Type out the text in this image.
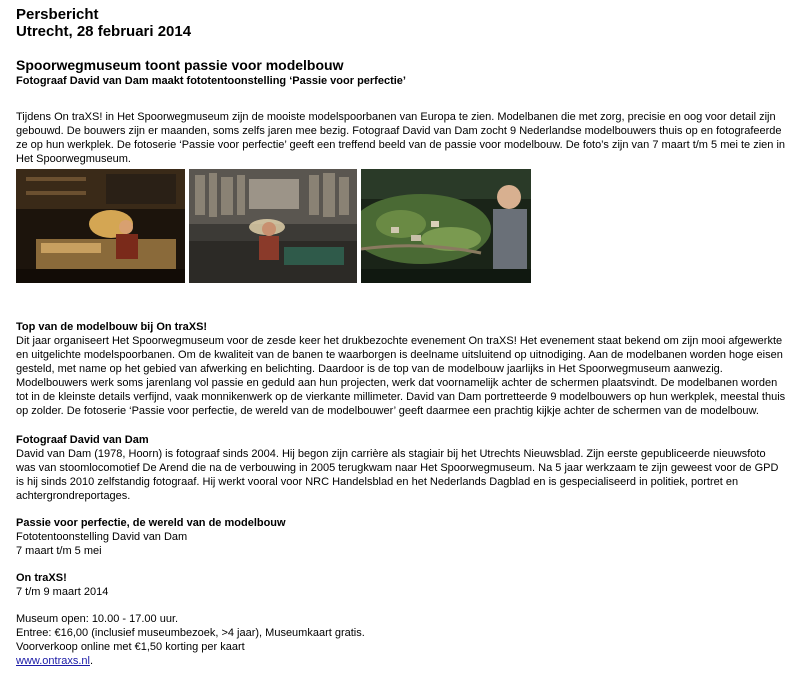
Persbericht
Utrecht, 28 februari 2014
Spoorwegmuseum toont passie voor modelbouw
Fotograaf David van Dam maakt fototentoonstelling ‘Passie voor perfectie’
Tijdens On traXS! in Het Spoorwegmuseum zijn de mooiste modelspoorbanen van Europa te zien. Modelbanen die met zorg, precisie en oog voor detail zijn gebouwd. De bouwers zijn er maanden, soms zelfs jaren mee bezig. Fotograaf David van Dam zocht 9 Nederlandse modelbouwers thuis op en fotografeerde ze op hun werkplek. De fotoserie ‘Passie voor perfectie’ geeft een treffend beeld van de passie voor modelbouw. De foto’s zijn van 7 maart t/m 5 mei te zien in Het Spoorwegmuseum.
Top van de modelbouw bij On traXS!
Dit jaar organiseert Het Spoorwegmuseum voor de zesde keer het drukbezochte evenement On traXS! Het evenement staat bekend om zijn mooi afgewerkte en uitgelichte modelspoorbanen. Om de kwaliteit van de banen te waarborgen is deelname uitsluitend op uitnodiging. Aan de modelbanen worden hoge eisen gesteld, met name op het gebied van afwerking en belichting. Daardoor is de top van de modelbouw jaarlijks in Het Spoorwegmuseum aanwezig. Modelbouwers werk soms jarenlang vol passie en geduld aan hun projecten, werk dat voornamelijk achter de schermen plaatsvindt. De modelbanen worden tot in de kleinste details verfijnd, vaak monnikenwerk op de vierkante millimeter. David van Dam portretteerde 9 modelbouwers op hun werkplek, meestal thuis op zolder. De fotoserie ‘Passie voor perfectie, de wereld van de modelbouwer’ geeft daarmee een prachtig kijkje achter de schermen van de modelbouw.
Fotograaf David van Dam
David van Dam (1978, Hoorn) is fotograaf sinds 2004. Hij begon zijn carrière als stagiair bij het Utrechts Nieuwsblad. Zijn eerste gepubliceerde nieuwsfoto was van stoomlocomotief De Arend die na de verbouwing in 2005 terugkwam naar Het Spoorwegmuseum. Na 5 jaar werkzaam te zijn geweest voor de GPD is hij sinds 2010 zelfstandig fotograaf. Hij werkt vooral voor NRC Handelsblad en het Nederlands Dagblad en is gespecialiseerd in politiek, portret en achtergrondreportages.
Passie voor perfectie, de wereld van de modelbouw
Fototentoonstelling David van Dam
7 maart t/m 5 mei
On traXS!
7 t/m 9 maart 2014
Museum open: 10.00 - 17.00 uur.
Entree: €16,00 (inclusief museumbezoek, >4 jaar), Museumkaart gratis.
Voorverkoop online met €1,50 korting per kaart
www.ontraxs.nl.
